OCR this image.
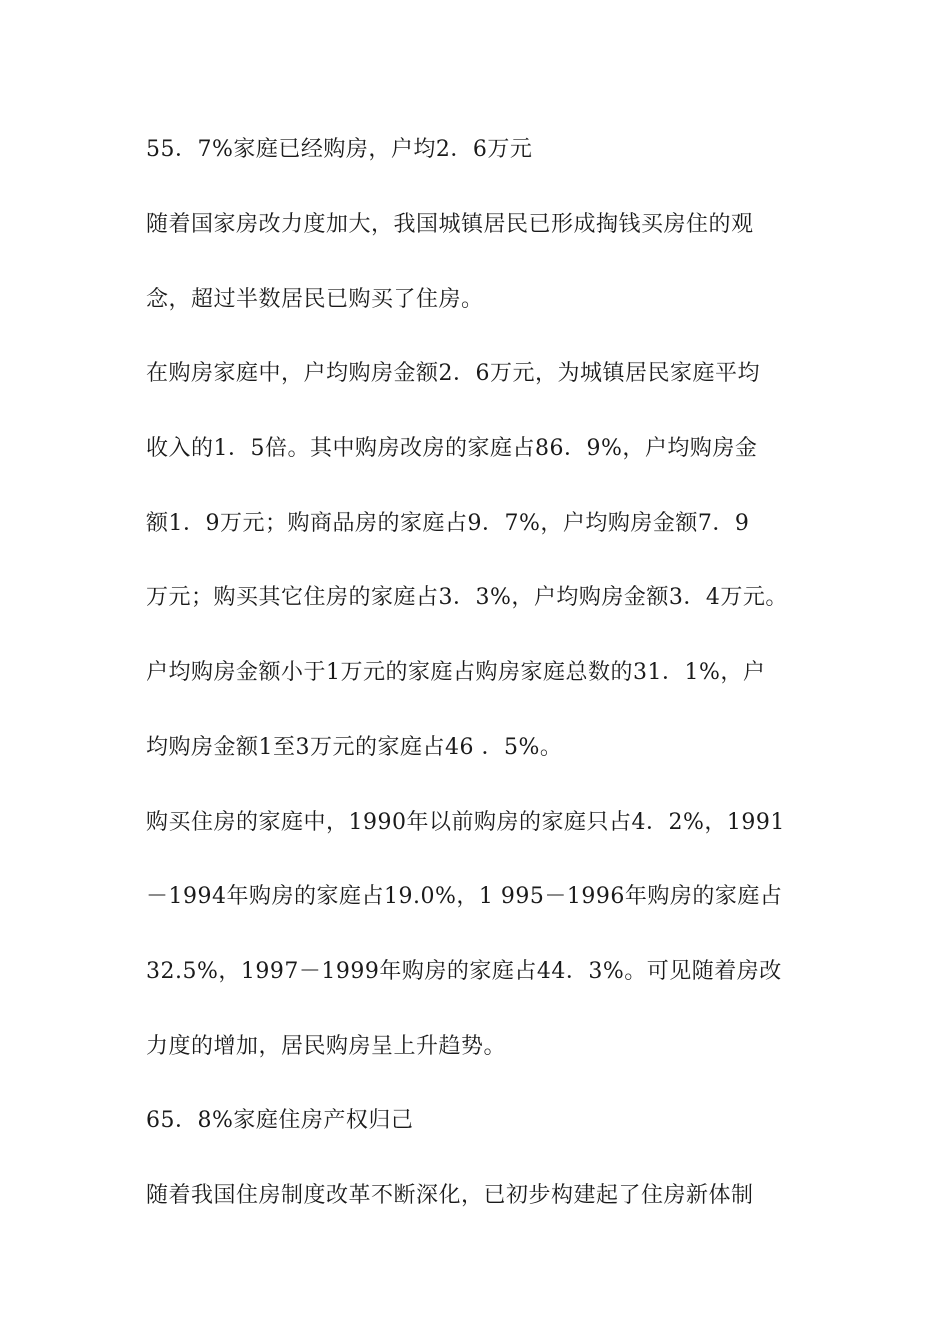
55．7%家庭已经购房，户均2．6万元
随着国家房改力度加大，我国城镇居民已形成掏钱买房住的观
念，超过半数居民已购买了住房。
在购房家庭中，户均购房金额2．6万元，为城镇居民家庭平均
收入的1．5倍。其中购房改房的家庭占86．9%，户均购房金
额1．9万元；购商品房的家庭占9．7%，户均购房金额7．9
万元；购买其它住房的家庭占3．3%，户均购房金额3．4万元。
户均购房金额小于1万元的家庭占购房家庭总数的31．1%，户
均购房金额1至3万元的家庭占46 ．5%。
购买住房的家庭中，1990年以前购房的家庭只占4．2%，1991
－1994年购房的家庭占19.0%，1 995－1996年购房的家庭占
32.5%，1997－1999年购房的家庭占44．3%。可见随着房改
力度的增加，居民购房呈上升趋势。
65．8%家庭住房产权归己
随着我国住房制度改革不断深化，已初步构建起了住房新体制
